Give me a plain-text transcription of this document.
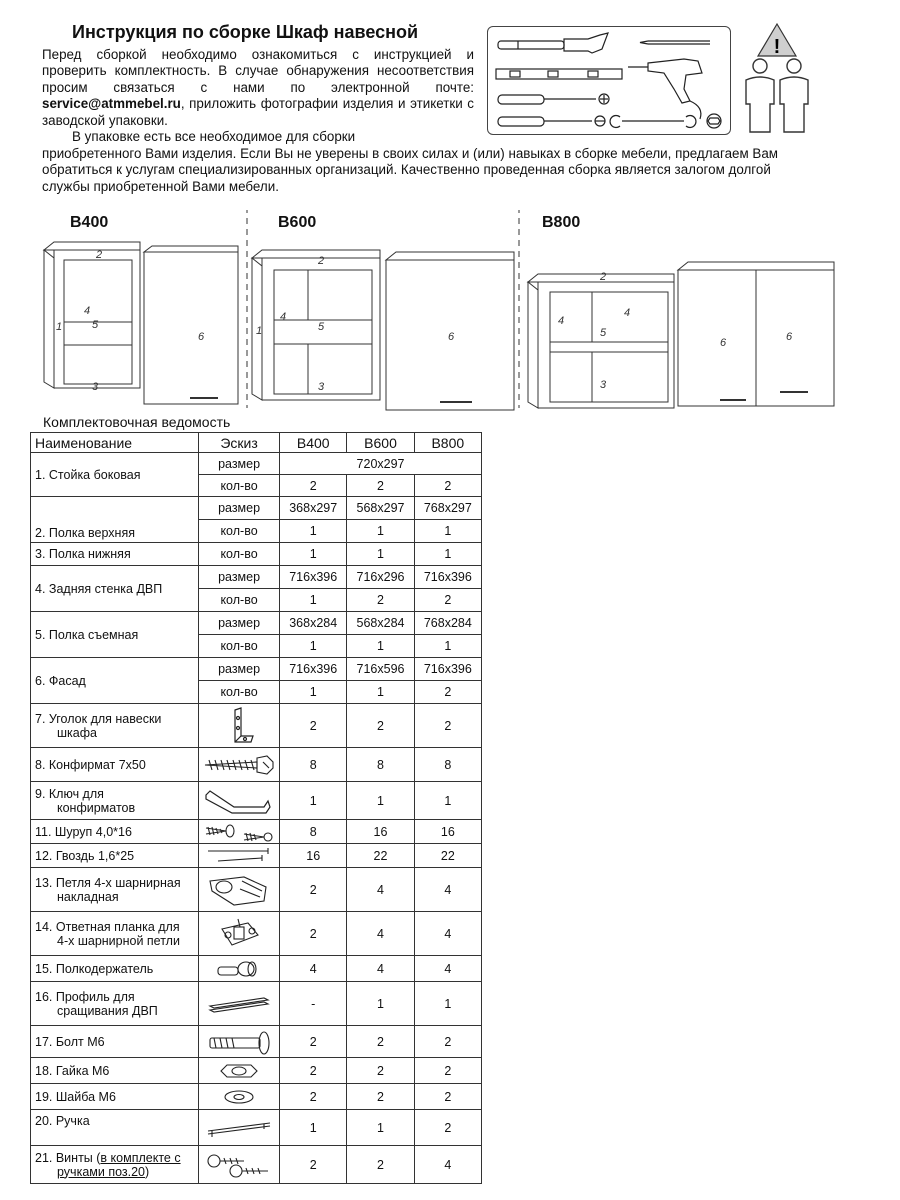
Инструкция по сборке Шкаф навесной
Перед сборкой необходимо ознакомиться с инструкцией и проверить комплектность. В случае обнаружения несоответствия просим связаться с нами по электронной почте: service@atmmebel.ru, приложить фотографии изделия и этикетки с заводской упаковки.
В упаковке есть все необходимое для сборки
приобретенного Вами изделия. Если Вы не уверены в своих силах и (или) навыках в сборке мебели, предлагаем Вам обратиться к услугам специализированных организаций. Качественно проведенная сборка является залогом долгой службы приобретенной Вами мебели.
!
В400	В600	В800
1
2
3
4
5
6	1
2
3
4
5
6
4
2
3
4
5
6	6
Комплектовочная ведомость
Наименование	Эскиз	В400	В600	В800
1. Стойка боковая	размер	720x297		
	кол-во	2	2	2
2. Полка верхняя	размер	368x297	568x297	768x297
	кол-во	1	1	1
3. Полка нижняя	кол-во	1	1	1
4. Задняя стенка ДВП	размер	716x396	716x296	716x396
	кол-во	1	2	2
5. Полка съемная	размер	368x284	568x284	768x284
	кол-во	1	1	1
6. Фасад	размер	716x396	716x596	716x396
	кол-во	1	1	2

7. Уголок для навески
шкафа		2	2	2
8. Конфирмат 7x50		8	8	8

9. Ключ для
конфирматов		1	1	1
11. Шуруп 4,0*16		8	16	16
12. Гвоздь 1,6*25		16	22	22

13. Петля 4-х шарнирная
накладная		2	4	4

14. Ответная планка для
4-х шарнирной петли		2	4	4
15. Полкодержатель		4	4	4

16. Профиль для
сращивания ДВП		-	1	1
17. Болт М6		2	2	2
18. Гайка М6		2	2	2
19. Шайба М6		2	2	2
20. Ручка		1	1	2

21. Винты (в комплекте с
ручками поз.20)		2	2	4
